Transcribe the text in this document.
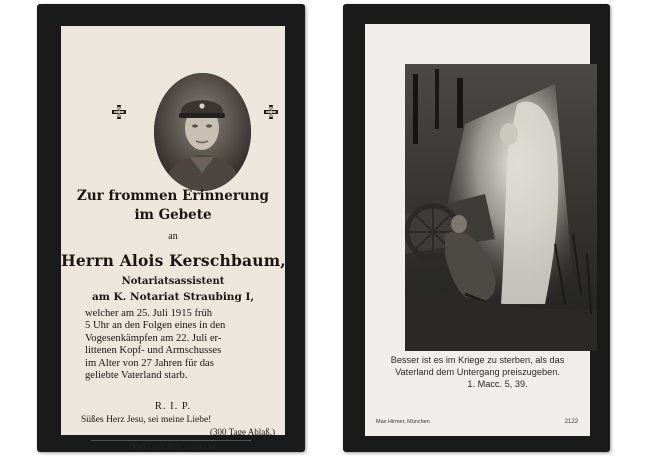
Zur frommen Erinnerung
im Gebete
an
Herrn Alois Kerschbaum,
Notariatsassistent
am K. Notariat Straubing I,
welcher am 25. Juli 1915 früh
5 Uhr an den Folgen eines in den
Vogesenkämpfen am 22. Juli er-
littenen Kopf- und Armschusses
im Alter von 27 Jahren für das
geliebte Vaterland starb.
R. I. P.
Süßes Herz Jesu, sei meine Liebe!
(300 Tage Ablaß.)
Druck von J. Mein, Cham i. W.
Besser ist es im Kriege zu sterben, als das
Vaterland dem Untergang preiszugeben.
1. Macc. 5, 39.
Max Hirmer, München	2122
